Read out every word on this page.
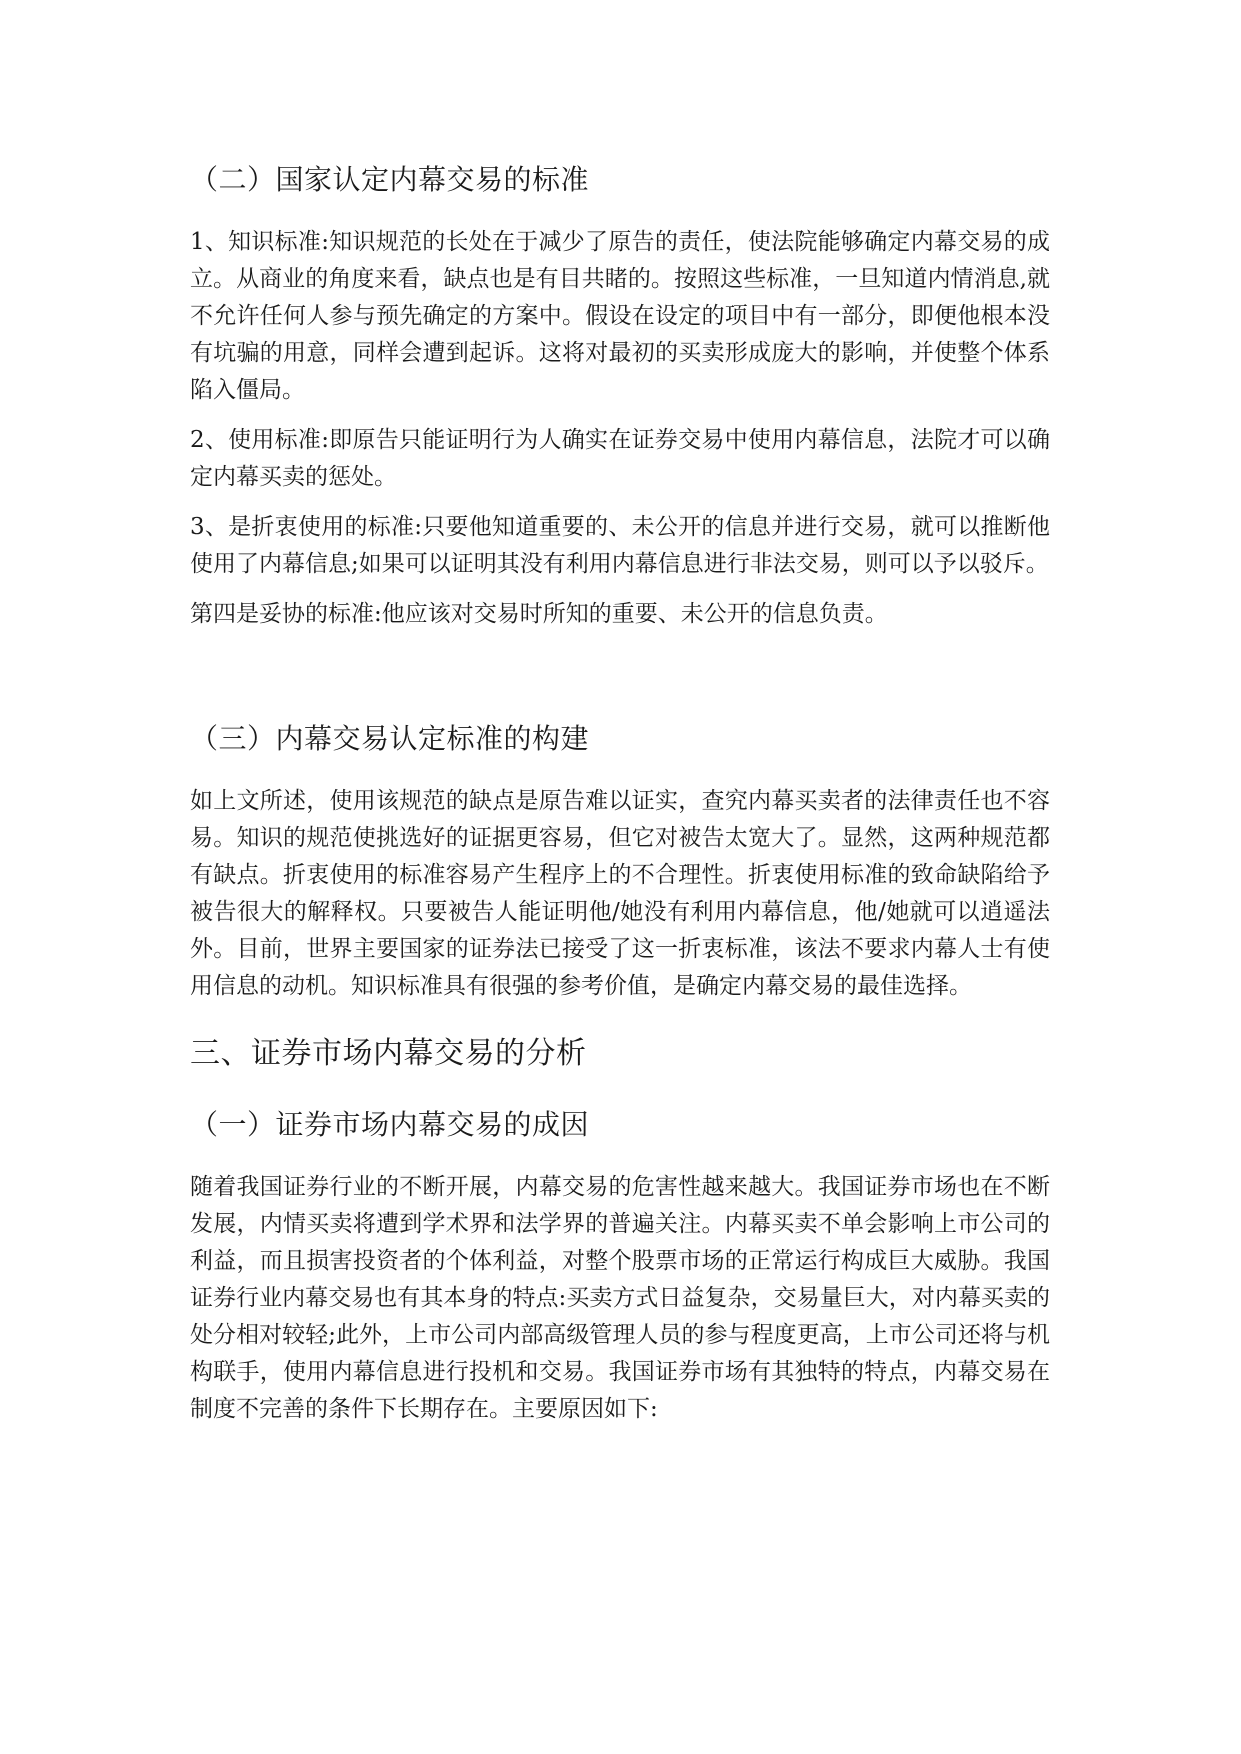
（二）国家认定内幕交易的标准

1、知识标准:知识规范的长处在于减少了原告的责任，使法院能够确定内幕交易的成立。从商业的角度来看，缺点也是有目共睹的。按照这些标准，一旦知道内情消息,就不允许任何人参与预先确定的方案中。假设在设定的项目中有一部分，即便他根本没有坑骗的用意，同样会遭到起诉。这将对最初的买卖形成庞大的影响，并使整个体系陷入僵局。

2、使用标准:即原告只能证明行为人确实在证券交易中使用内幕信息，法院才可以确定内幕买卖的惩处。

3、是折衷使用的标准:只要他知道重要的、未公开的信息并进行交易，就可以推断他使用了内幕信息;如果可以证明其没有利用内幕信息进行非法交易，则可以予以驳斥。

第四是妥协的标准:他应该对交易时所知的重要、未公开的信息负责。

（三）内幕交易认定标准的构建

如上文所述，使用该规范的缺点是原告难以证实，查究内幕买卖者的法律责任也不容易。知识的规范使挑选好的证据更容易，但它对被告太宽大了。显然，这两种规范都有缺点。折衷使用的标准容易产生程序上的不合理性。折衷使用标准的致命缺陷给予被告很大的解释权。只要被告人能证明他/她没有利用内幕信息，他/她就可以逍遥法外。目前，世界主要国家的证券法已接受了这一折衷标准，该法不要求内幕人士有使用信息的动机。知识标准具有很强的参考价值，是确定内幕交易的最佳选择。

三、证券市场内幕交易的分析
（一）证券市场内幕交易的成因

随着我国证券行业的不断开展，内幕交易的危害性越来越大。我国证券市场也在不断发展，内情买卖将遭到学术界和法学界的普遍关注。内幕买卖不单会影响上市公司的利益，而且损害投资者的个体利益，对整个股票市场的正常运行构成巨大威胁。我国证券行业内幕交易也有其本身的特点:买卖方式日益复杂，交易量巨大，对内幕买卖的处分相对较轻;此外，上市公司内部高级管理人员的参与程度更高，上市公司还将与机构联手，使用内幕信息进行投机和交易。我国证券市场有其独特的特点，内幕交易在制度不完善的条件下长期存在。主要原因如下:
